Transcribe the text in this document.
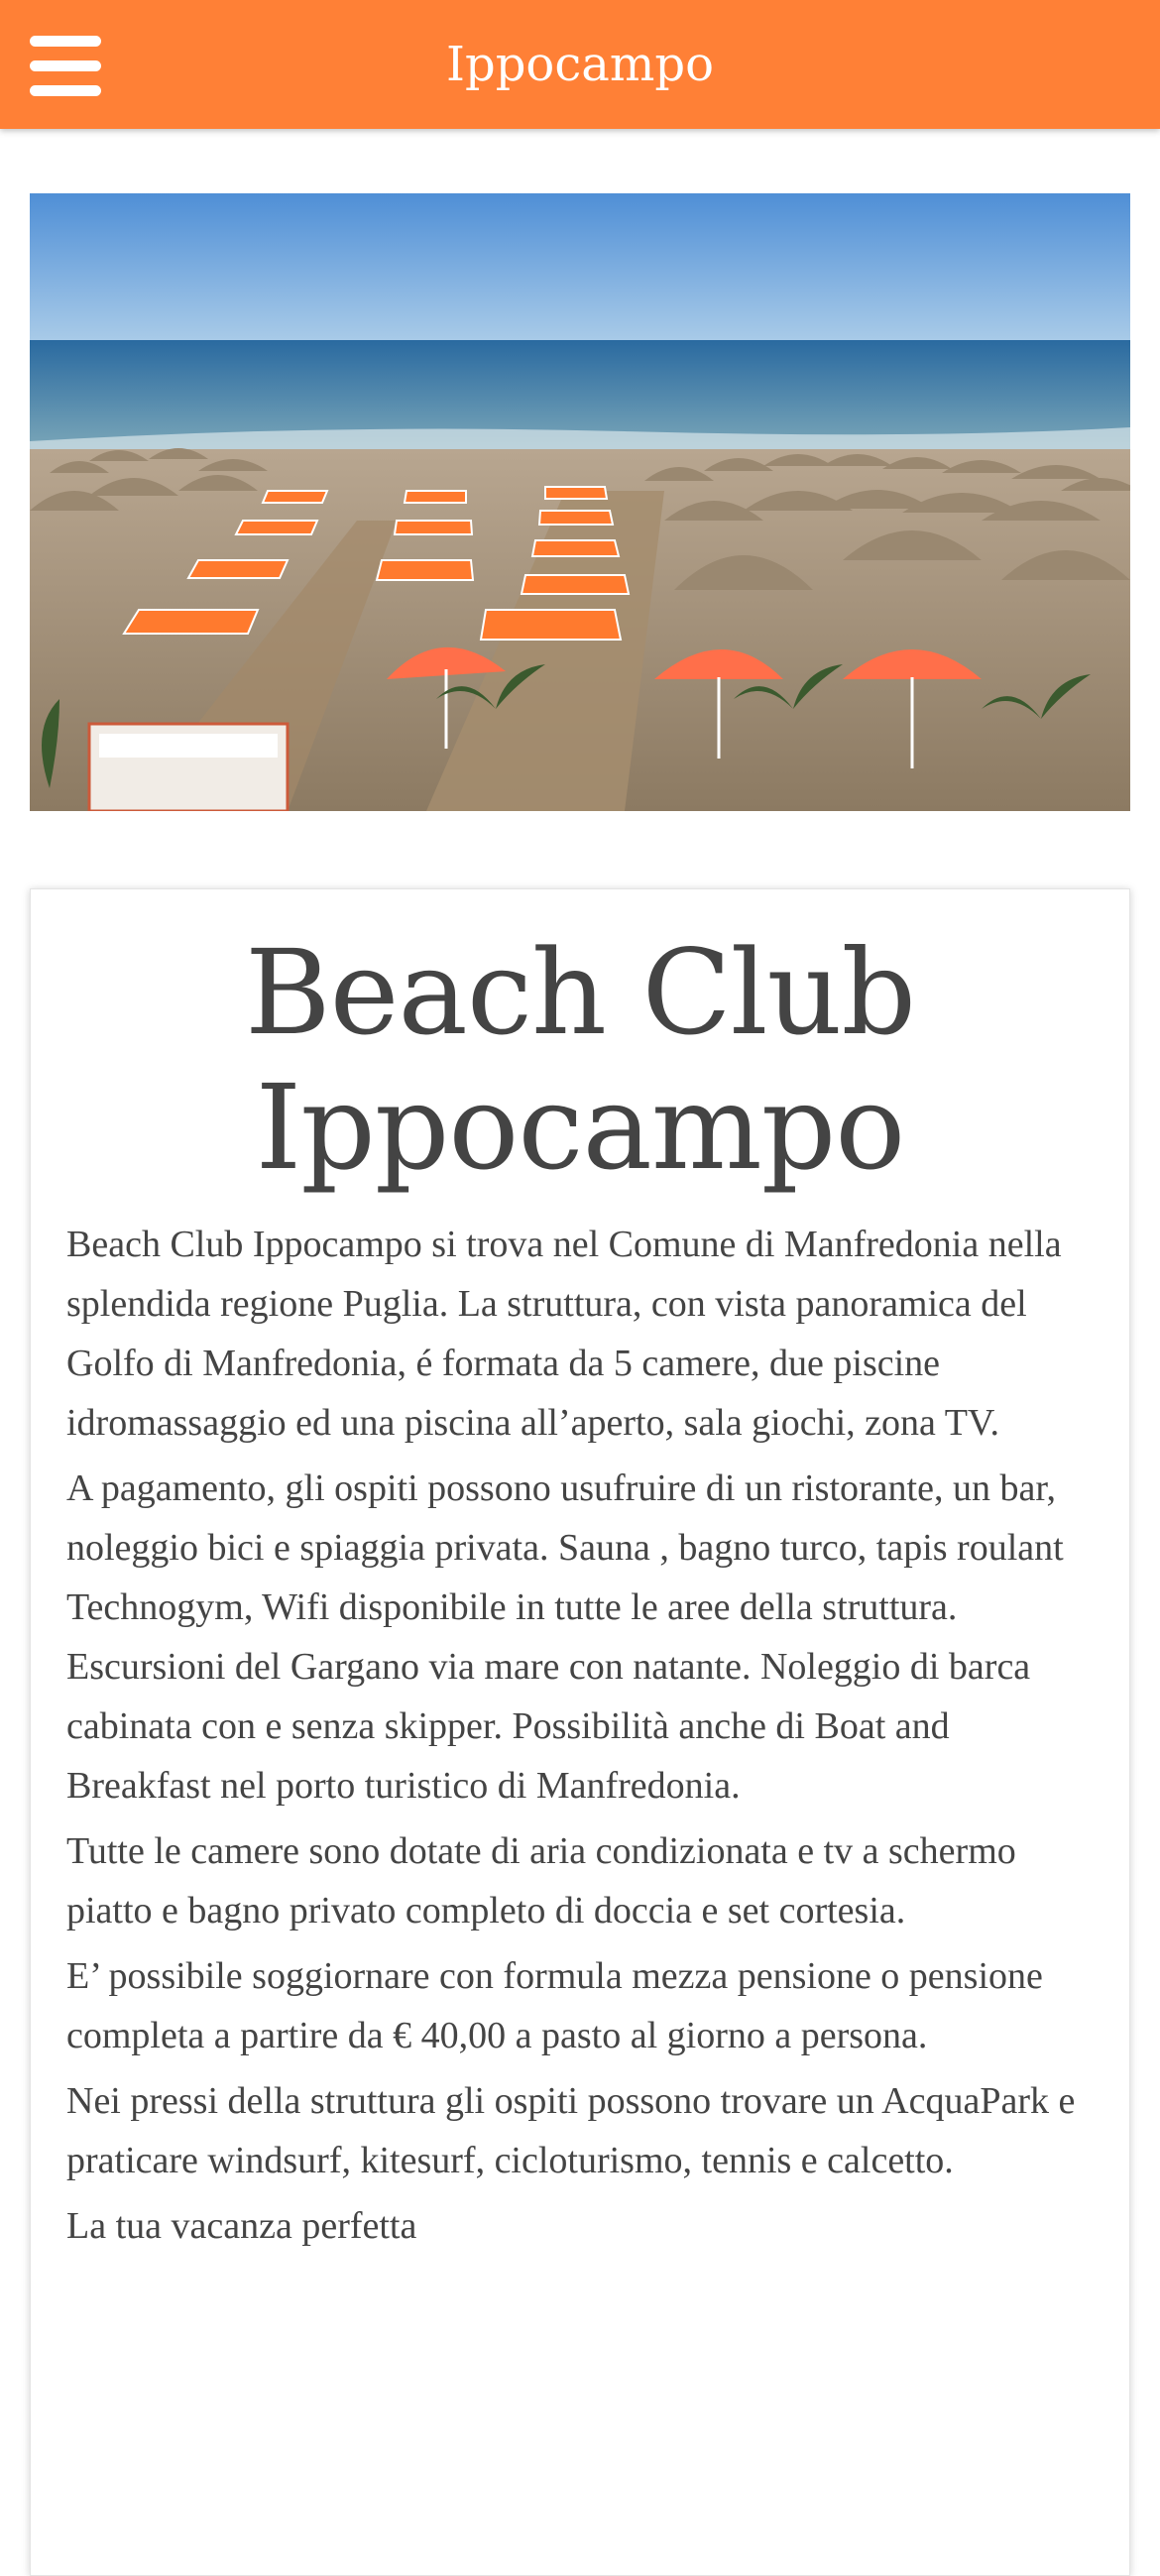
Ippocampo
Beach Club Ippocampo

Beach Club Ippocampo si trova nel Comune di Manfredonia nella splendida regione Puglia. La struttura, con vista panoramica del Golfo di Manfredonia, é formata da 5 camere, due piscine idromassaggio ed una piscina all’aperto, sala giochi, zona TV.

A pagamento, gli ospiti possono usufruire di un ristorante, un bar, noleggio bici e spiaggia privata. Sauna , bagno turco, tapis roulant Technogym, Wifi disponibile in tutte le aree della struttura. Escursioni del Gargano via mare con natante. Noleggio di barca cabinata con e senza skipper. Possibilità anche di Boat and Breakfast nel porto turistico di Manfredonia.

Tutte le camere sono dotate di aria condizionata e tv a schermo piatto e bagno privato completo di doccia e set cortesia.

E’ possibile soggiornare con formula mezza pensione o pensione completa a partire da € 40,00 a pasto al giorno a persona.

Nei pressi della struttura gli ospiti possono trovare un AcquaPark e praticare windsurf, kitesurf, cicloturismo, tennis e calcetto.

La tua vacanza perfetta
